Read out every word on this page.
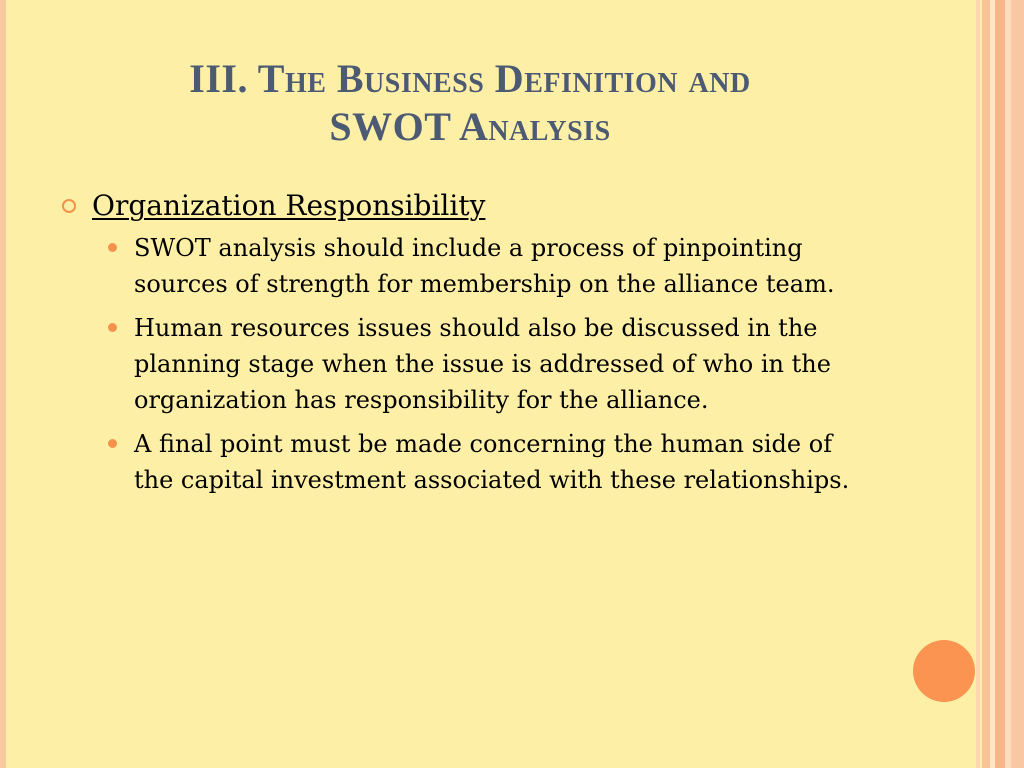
III. The Business Definition and
SWOT Analysis
Organization Responsibility
SWOT analysis should include a process of pinpointing sources of strength for membership on the alliance team.
Human resources issues should also be discussed in the planning stage when the issue is addressed of who in the organization has responsibility for the alliance.
A final point must be made concerning the human side of the capital investment associated with these relationships.
